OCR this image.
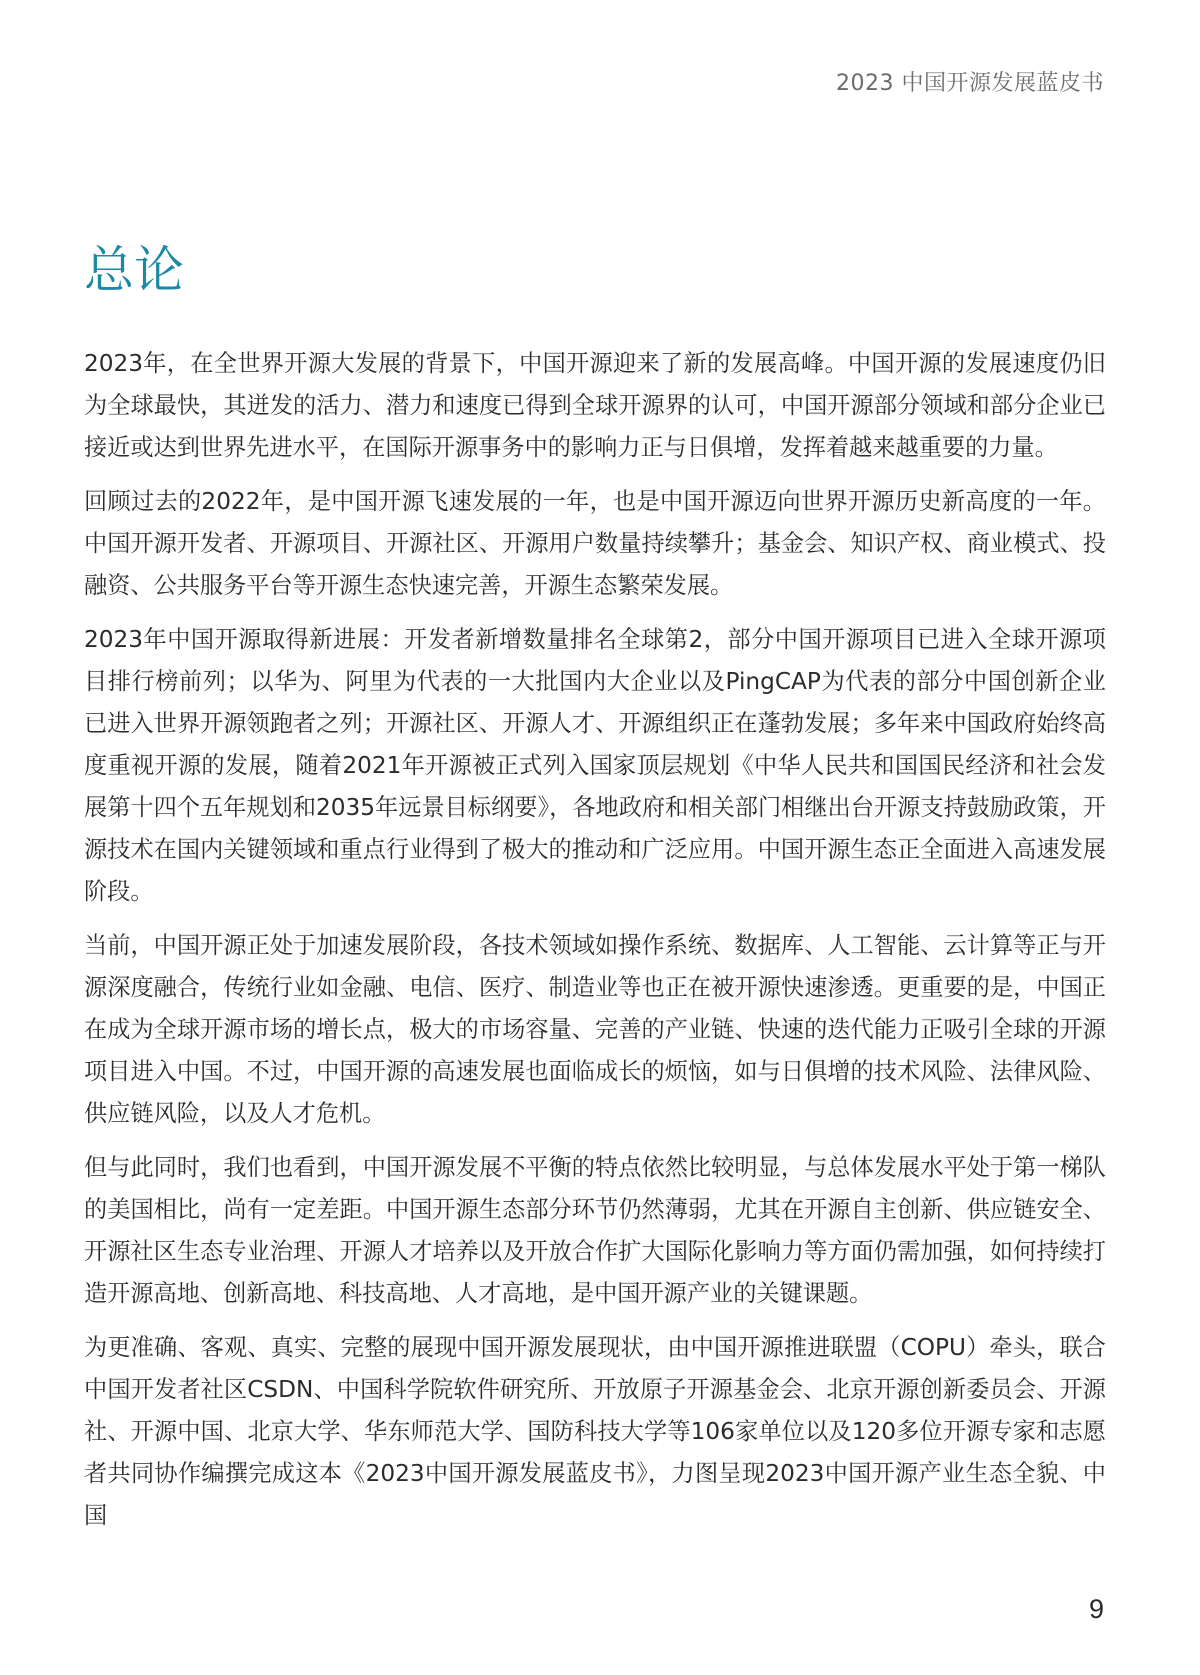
2023 中国开源发展蓝皮书
总论

2023年，在全世界开源大发展的背景下，中国开源迎来了新的发展高峰。中国开源的发展速度仍旧为全球最快，其迸发的活力、潜力和速度已得到全球开源界的认可，中国开源部分领域和部分企业已接近或达到世界先进水平，在国际开源事务中的影响力正与日俱增，发挥着越来越重要的力量。

回顾过去的2022年，是中国开源飞速发展的一年，也是中国开源迈向世界开源历史新高度的一年。中国开源开发者、开源项目、开源社区、开源用户数量持续攀升；基金会、知识产权、商业模式、投融资、公共服务平台等开源生态快速完善，开源生态繁荣发展。

2023年中国开源取得新进展：开发者新增数量排名全球第2，部分中国开源项目已进入全球开源项目排行榜前列；以华为、阿里为代表的一大批国内大企业以及PingCAP为代表的部分中国创新企业已进入世界开源领跑者之列；开源社区、开源人才、开源组织正在蓬勃发展；多年来中国政府始终高度重视开源的发展，随着2021年开源被正式列入国家顶层规划《中华人民共和国国民经济和社会发展第十四个五年规划和2035年远景目标纲要》，各地政府和相关部门相继出台开源支持鼓励政策，开源技术在国内关键领域和重点行业得到了极大的推动和广泛应用。中国开源生态正全面进入高速发展阶段。

当前，中国开源正处于加速发展阶段，各技术领域如操作系统、数据库、人工智能、云计算等正与开源深度融合，传统行业如金融、电信、医疗、制造业等也正在被开源快速渗透。更重要的是，中国正在成为全球开源市场的增长点，极大的市场容量、完善的产业链、快速的迭代能力正吸引全球的开源项目进入中国。不过，中国开源的高速发展也面临成长的烦恼，如与日俱增的技术风险、法律风险、供应链风险，以及人才危机。

但与此同时，我们也看到，中国开源发展不平衡的特点依然比较明显，与总体发展水平处于第一梯队的美国相比，尚有一定差距。中国开源生态部分环节仍然薄弱，尤其在开源自主创新、供应链安全、开源社区生态专业治理、开源人才培养以及开放合作扩大国际化影响力等方面仍需加强，如何持续打造开源高地、创新高地、科技高地、人才高地，是中国开源产业的关键课题。

为更准确、客观、真实、完整的展现中国开源发展现状，由中国开源推进联盟（COPU）牵头，联合中国开发者社区CSDN、中国科学院软件研究所、开放原子开源基金会、北京开源创新委员会、开源社、开源中国、北京大学、华东师范大学、国防科技大学等106家单位以及120多位开源专家和志愿者共同协作编撰完成这本《2023中国开源发展蓝皮书》，力图呈现2023中国开源产业生态全貌、中国

9
